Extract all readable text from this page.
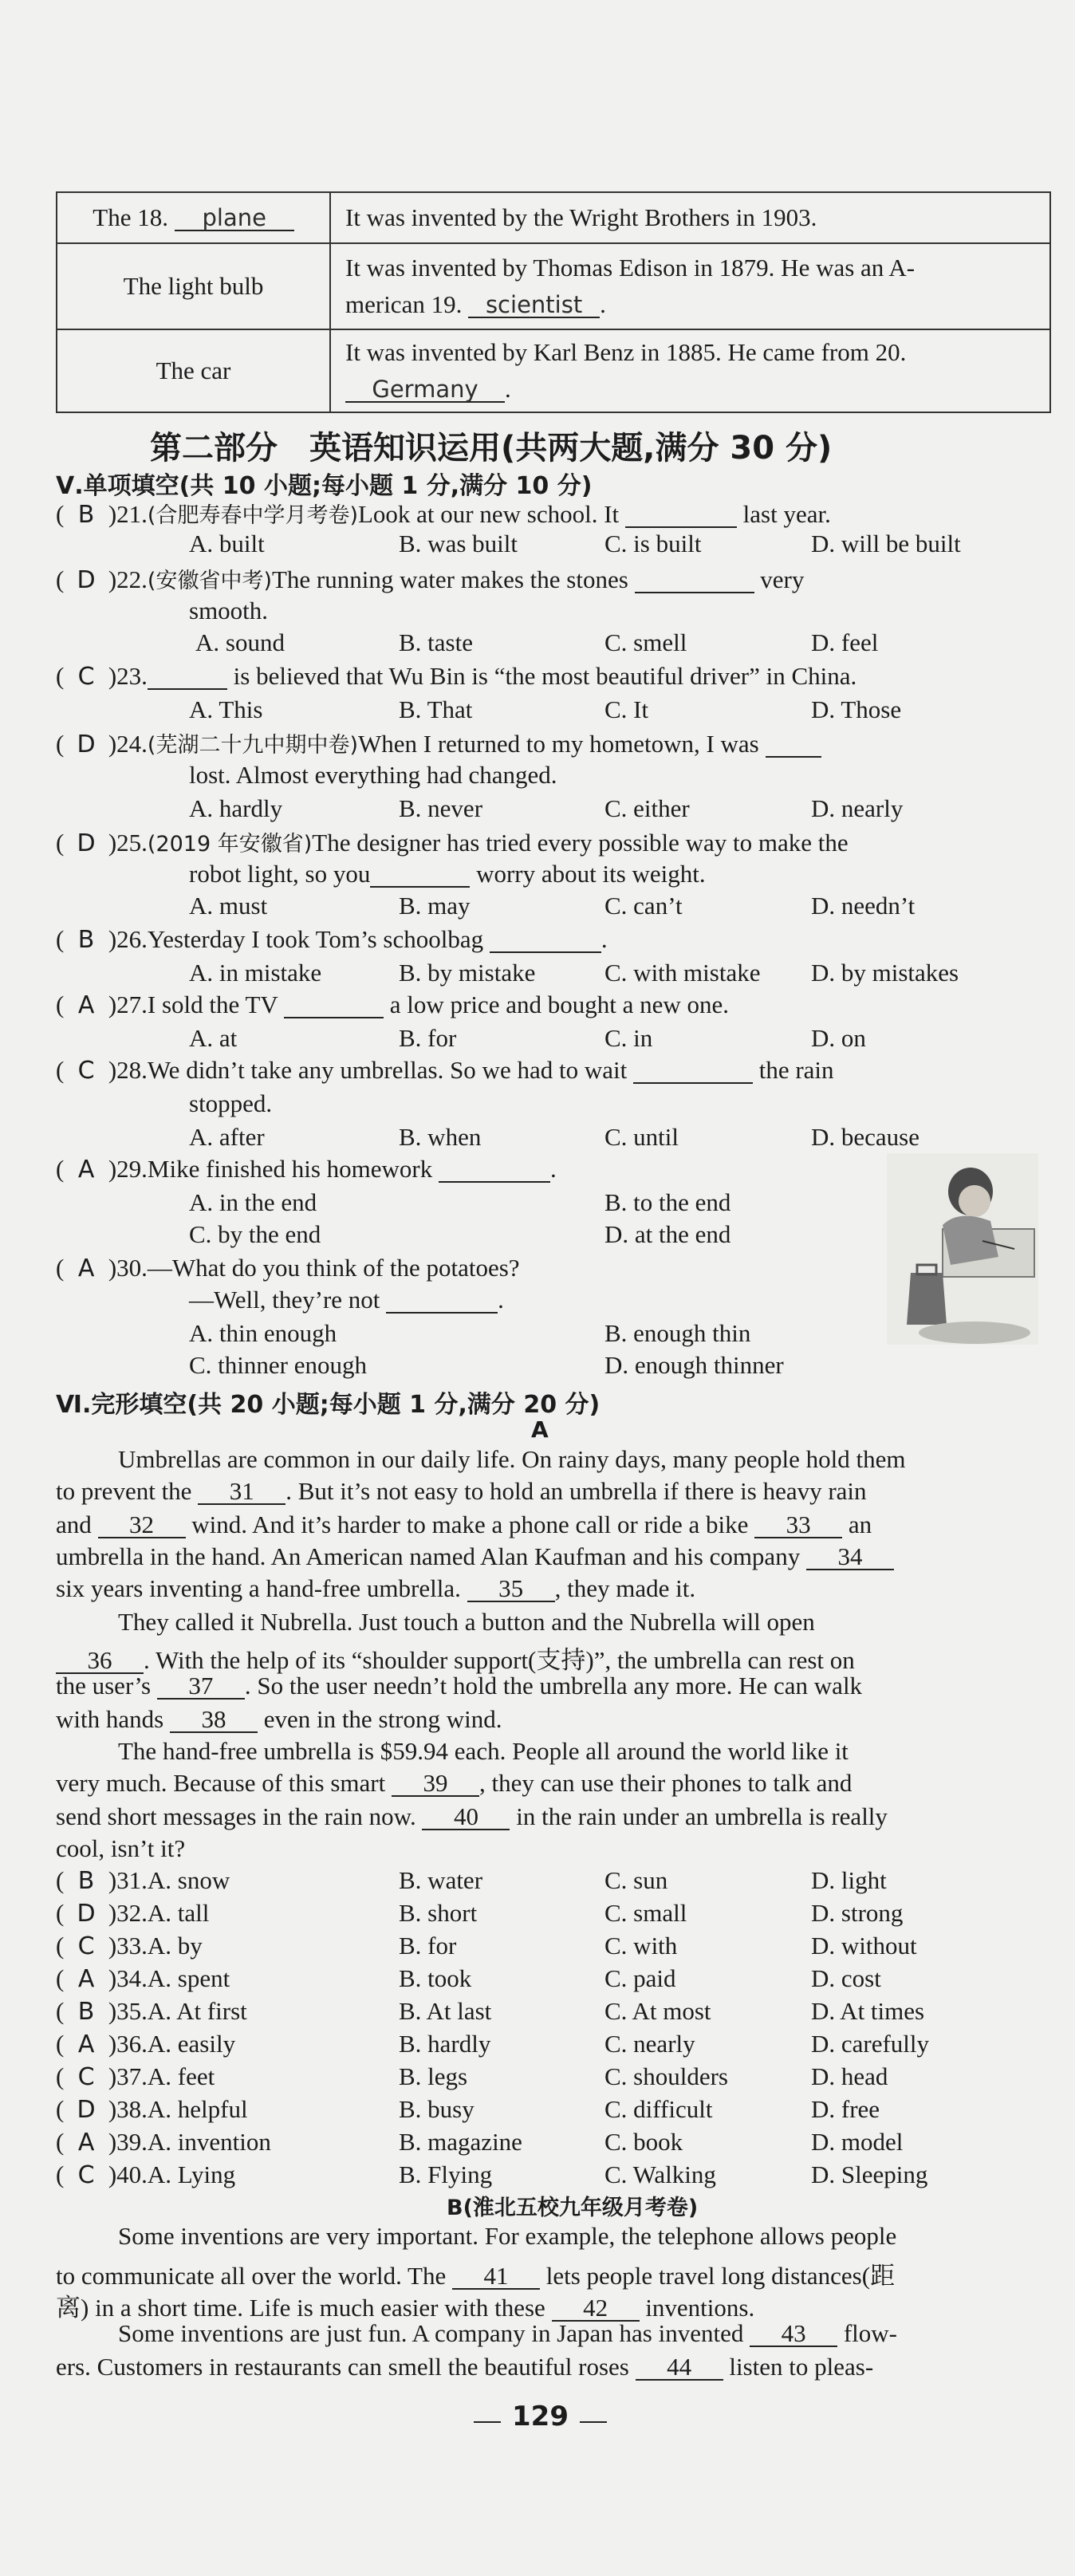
The 18. plane	It was invented by the Wright Brothers in 1903.
The light bulb	It was invented by Thomas Edison in 1879. He was an A-
merican 19. scientist .
The car	It was invented by Karl Benz in 1885. He came from 20.
Germany .
第二部分　英语知识运用(共两大题,满分 30 分)
Ⅴ.单项填空(共 10 小题;每小题 1 分,满分 10 分)
( B )21.(合肥寿春中学月考卷)Look at our new school. It	last year.
A. built	B. was built	C. is built	D. will be built
( D )22.(安徽省中考)The running water makes the stones	very
smooth.
A. sound	B. taste	C. smell	D. feel
( C )23.	is believed that Wu Bin is “the most beautiful driver” in China.
A. This	B. That	C. It	D. Those
( D )24.(芜湖二十九中期中卷)When I returned to my hometown, I was
lost. Almost everything had changed.
A. hardly	B. never	C. either	D. nearly
( D )25.(2019 年安徽省)The designer has tried every possible way to make the
robot light, so you	worry about its weight.
A. must	B. may	C. can’t	D. needn’t
( B )26.Yesterday I took Tom’s schoolbag	.
A. in mistake	B. by mistake	C. with mistake D. by mistakes
( A )27.I sold the TV	a low price and bought a new one.
A. at	B. for	C. in	D. on
( C )28.We didn’t take any umbrellas. So we had to wait	the rain
stopped.
A. after	B. when	C. until	D. because
( A )29.Mike finished his homework	.
A. in the end	B. to the end
C. by the end	D. at the end
( A )30.—What do you think of the potatoes?
—Well, they’re not	.
A. thin enough	B. enough thin
C. thinner enough	D. enough thinner
Ⅵ.完形填空(共 20 小题;每小题 1 分,满分 20 分)
A
Umbrellas are common in our daily life. On rainy days, many people hold them
to prevent the 31 . But it’s not easy to hold an umbrella if there is heavy rain
and 32 wind. And it’s harder to make a phone call or ride a bike 33 an
umbrella in the hand. An American named Alan Kaufman and his company 34
six years inventing a hand-free umbrella. 35 , they made it.
They called it Nubrella. Just touch a button and the Nubrella will open
36 . With the help of its “shoulder support(支持)”, the umbrella can rest on
the user’s 37 . So the user needn’t hold the umbrella any more. He can walk
with hands 38 even in the strong wind.
The hand-free umbrella is $59.94 each. People all around the world like it
very much. Because of this smart 39 , they can use their phones to talk and
send short messages in the rain now. 40 in the rain under an umbrella is really
cool, isn’t it?
( B )31.A. snow	B. water	C. sun	D. light
( D )32.A. tall	B. short	C. small	D. strong
( C )33.A. by	B. for	C. with	D. without
( A )34.A. spent	B. took	C. paid	D. cost
( B )35.A. At first	B. At last	C. At most	D. At times
( A )36.A. easily	B. hardly	C. nearly	D. carefully
( C )37.A. feet	B. legs	C. shoulders	D. head
( D )38.A. helpful	B. busy	C. difficult	D. free
( A )39.A. invention	B. magazine	C. book	D. model
( C )40.A. Lying	B. Flying	C. Walking	D. Sleeping
B(淮北五校九年级月考卷)
Some inventions are very important. For example, the telephone allows people
to communicate all over the world. The 41 lets people travel long distances(距
离) in a short time. Life is much easier with these 42 inventions.
Some inventions are just fun. A company in Japan has invented 43 flow-
ers. Customers in restaurants can smell the beautiful roses 44 listen to pleas-
129
